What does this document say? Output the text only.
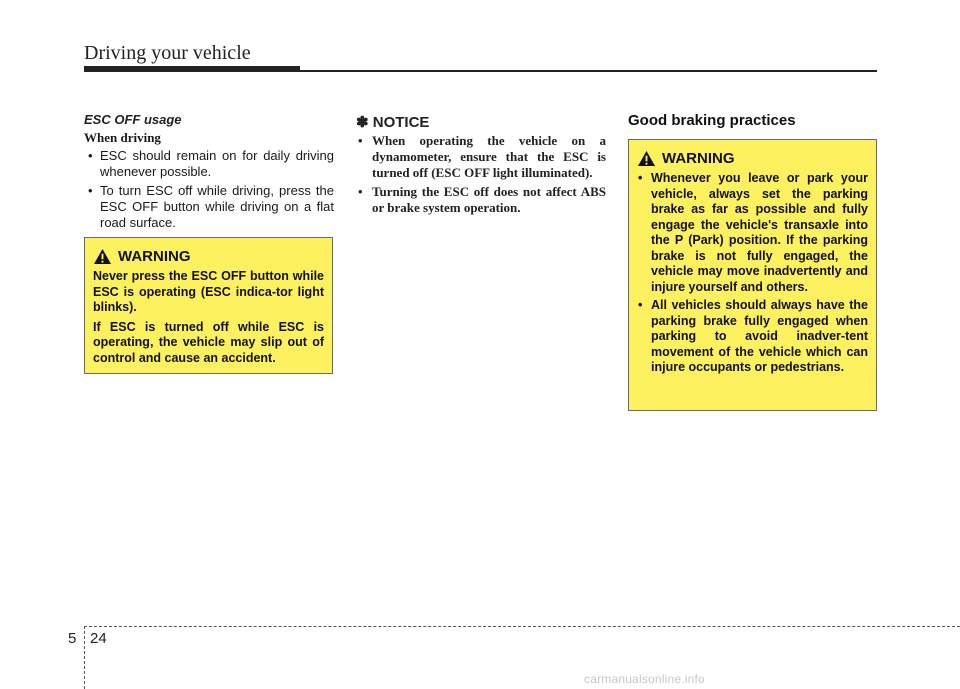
Driving your vehicle
ESC OFF usage
When driving
• ESC should remain on for daily driving whenever possible.
• To turn ESC off while driving, press the ESC OFF button while driving on a flat road surface.
WARNING
Never press the ESC OFF button while ESC is operating (ESC indica-tor light blinks).
If ESC is turned off while ESC is operating, the vehicle may slip out of control and cause an accident.
✽ NOTICE
• When operating the vehicle on a dynamometer, ensure that the ESC is turned off (ESC OFF light illuminated).
• Turning the ESC off does not affect ABS or brake system operation.
Good braking practices
WARNING
• Whenever you leave or park your vehicle, always set the parking brake as far as possible and fully engage the vehicle's transaxle into the P (Park) position. If the parking brake is not fully engaged, the vehicle may move inadvertently and injure yourself and others.
• All vehicles should always have the parking brake fully engaged when parking to avoid inadver-tent movement of the vehicle which can injure occupants or pedestrians.
5 24
carmanualsonline.info
